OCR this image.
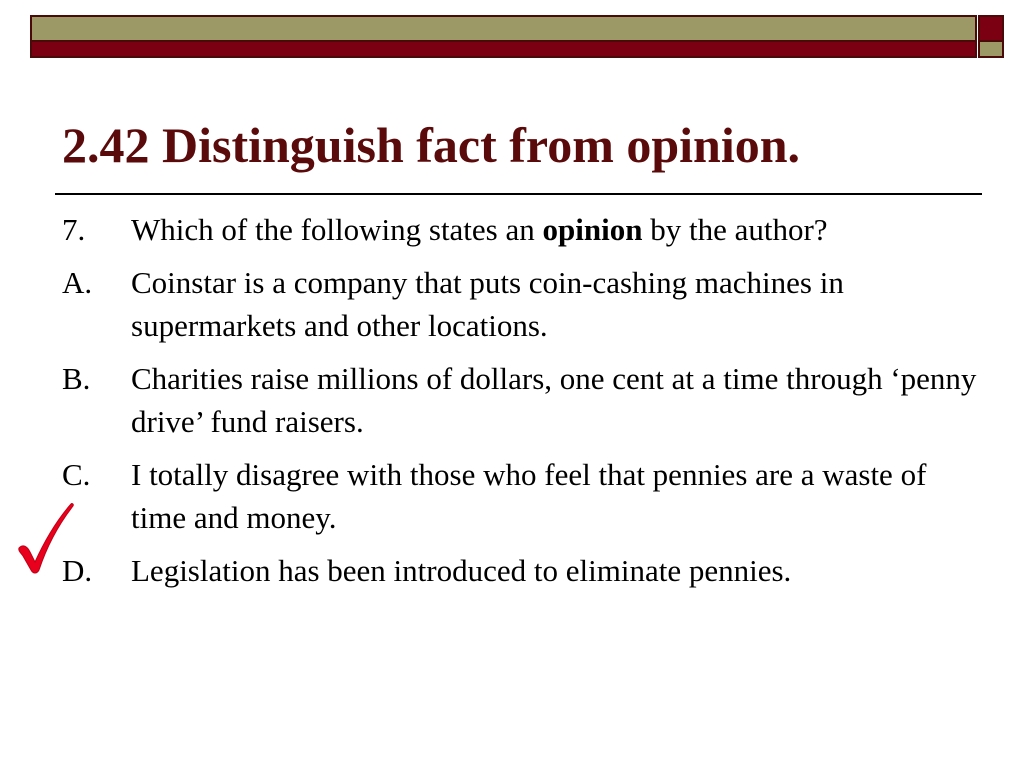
2.42 Distinguish fact from opinion.
7. Which of the following states an opinion by the author?
A. Coinstar is a company that puts coin-cashing machines in supermarkets and other locations.
B. Charities raise millions of dollars, one cent at a time through ‘penny drive’ fund raisers.
C. I totally disagree with those who feel that pennies are a waste of time and money.
D. Legislation has been introduced to eliminate pennies.
